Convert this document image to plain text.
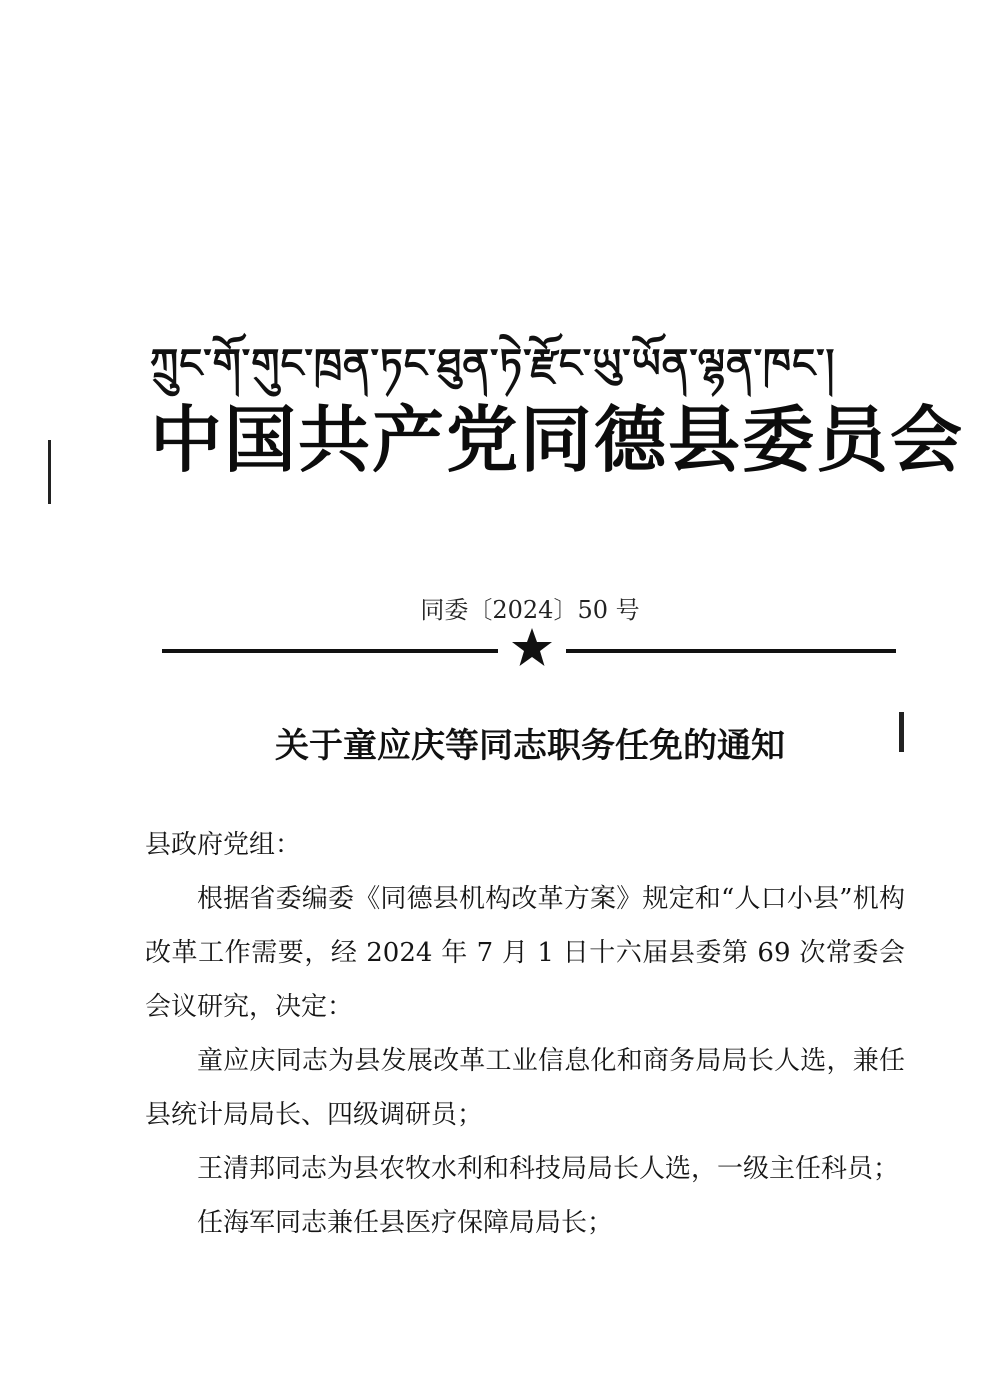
ཀྲུང་གོ་གུང་ཁྲན་ཏང་ཐུན་ཏེ་རྫོང་ཡུ་ཡོན་ལྷན་ཁང་།
中国共产党同德县委员会
同委〔2024〕50 号
关于童应庆等同志职务任免的通知

县政府党组：

根据省委编委《同德县机构改革方案》规定和“人口小县”机构改革工作需要，经 2024 年 7 月 1 日十六届县委第 69 次常委会会议研究，决定：

童应庆同志为县发展改革工业信息化和商务局局长人选，兼任县统计局局长、四级调研员；

王清邦同志为县农牧水利和科技局局长人选，一级主任科员；

任海军同志兼任县医疗保障局局长；
